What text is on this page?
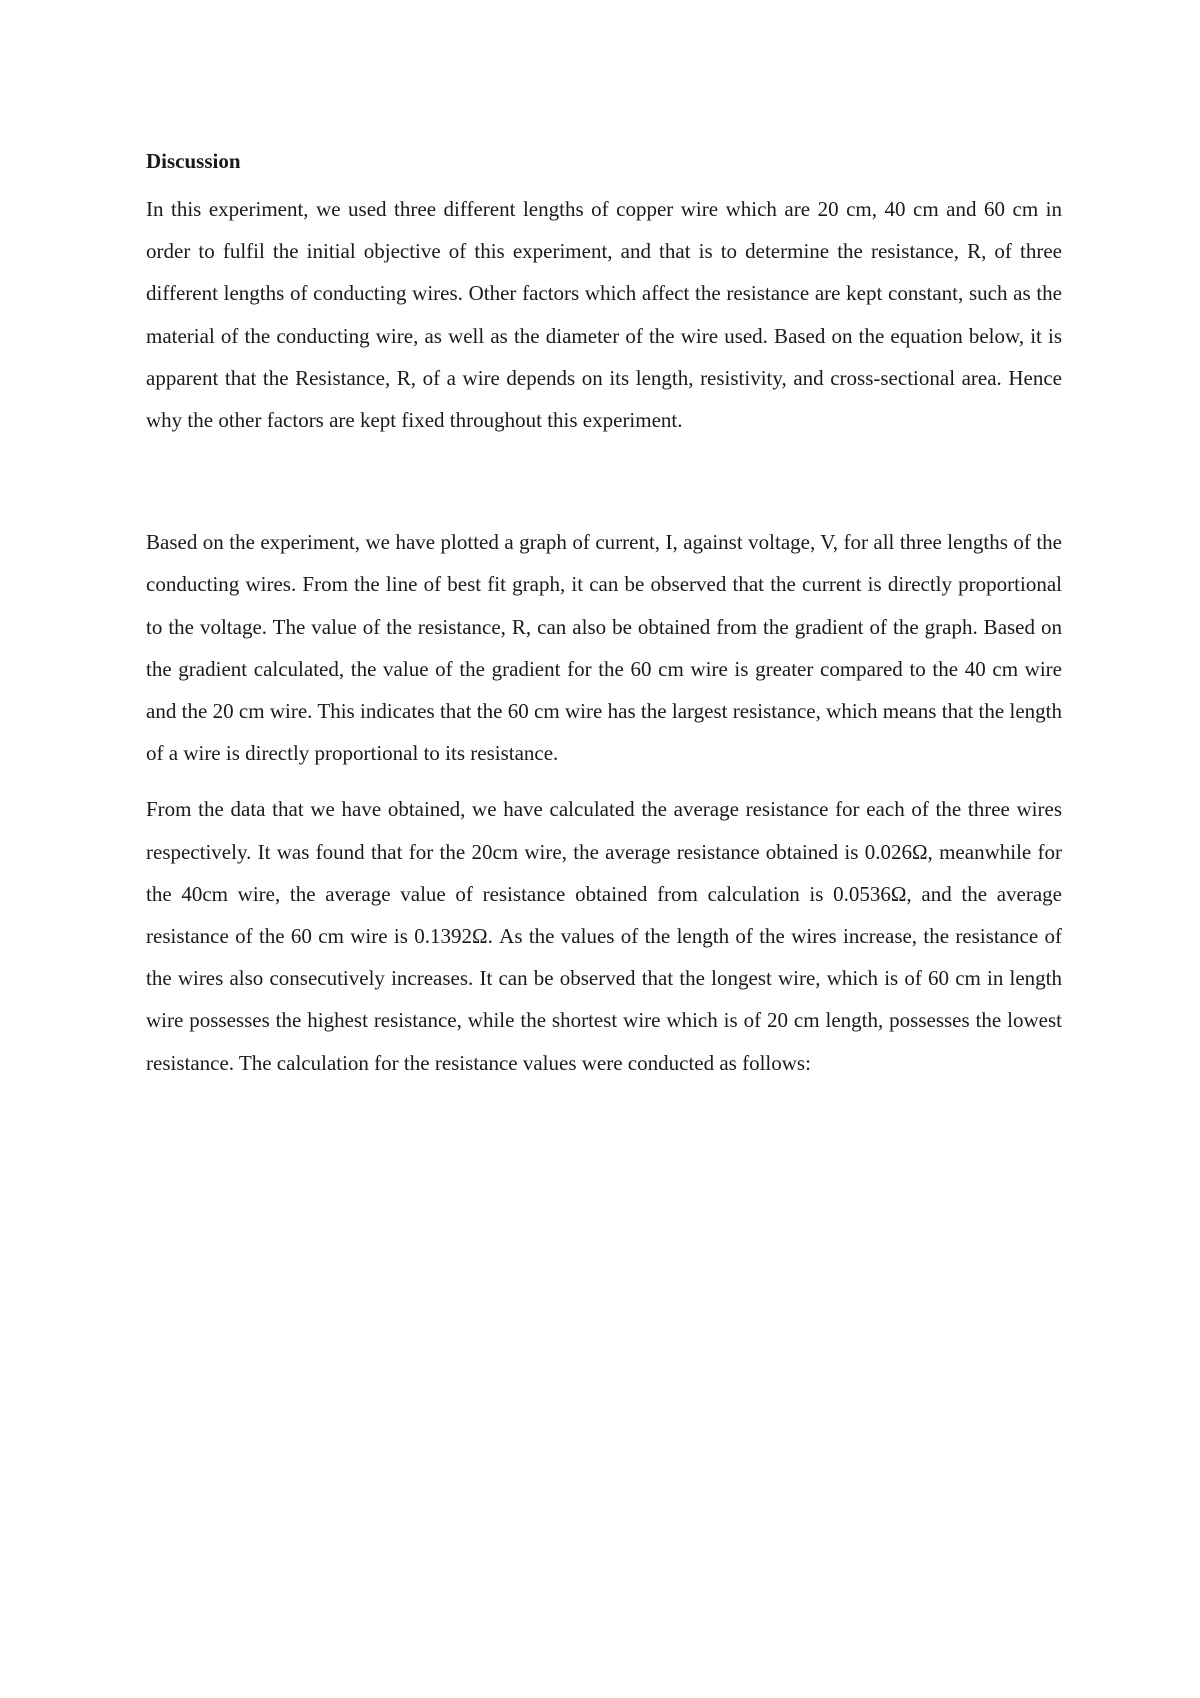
Discussion

In this experiment, we used three different lengths of copper wire which are 20 cm, 40 cm and 60 cm in order to fulfil the initial objective of this experiment, and that is to determine the resistance, R, of three different lengths of conducting wires. Other factors which affect the resistance are kept constant, such as the material of the conducting wire, as well as the diameter of the wire used. Based on the equation below, it is apparent that the Resistance, R, of a wire depends on its length, resistivity, and cross-sectional area. Hence why the other factors are kept fixed throughout this experiment.

Based on the experiment, we have plotted a graph of current, I, against voltage, V, for all three lengths of the conducting wires. From the line of best fit graph, it can be observed that the current is directly proportional to the voltage. The value of the resistance, R, can also be obtained from the gradient of the graph. Based on the gradient calculated, the value of the gradient for the 60 cm wire is greater compared to the 40 cm wire and the 20 cm wire. This indicates that the 60 cm wire has the largest resistance, which means that the length of a wire is directly proportional to its resistance.

From the data that we have obtained, we have calculated the average resistance for each of the three wires respectively. It was found that for the 20cm wire, the average resistance obtained is 0.026Ω, meanwhile for the 40cm wire, the average value of resistance obtained from calculation is 0.0536Ω, and the average resistance of the 60 cm wire is 0.1392Ω. As the values of the length of the wires increase, the resistance of the wires also consecutively increases. It can be observed that the longest wire, which is of 60 cm in length wire possesses the highest resistance, while the shortest wire which is of 20 cm length, possesses the lowest resistance. The calculation for the resistance values were conducted as follows:
